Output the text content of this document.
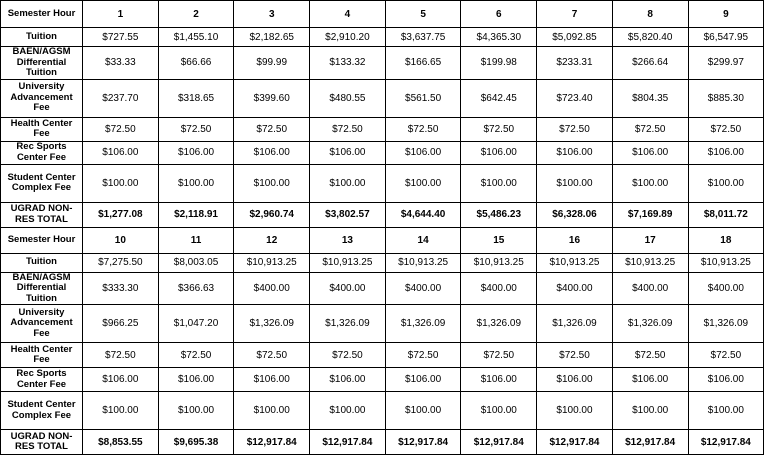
Semester Hour	1	2	3	4	5	6	7	8	9
Tuition	$727.55	$1,455.10	$2,182.65	$2,910.20	$3,637.75	$4,365.30	$5,092.85	$5,820.40	$6,547.95
BAEN/AGSM Differential Tuition	$33.33	$66.66	$99.99	$133.32	$166.65	$199.98	$233.31	$266.64	$299.97
University Advancement Fee	$237.70	$318.65	$399.60	$480.55	$561.50	$642.45	$723.40	$804.35	$885.30
Health Center Fee	$72.50	$72.50	$72.50	$72.50	$72.50	$72.50	$72.50	$72.50	$72.50
Rec Sports Center Fee	$106.00	$106.00	$106.00	$106.00	$106.00	$106.00	$106.00	$106.00	$106.00
Student Center Complex Fee	$100.00	$100.00	$100.00	$100.00	$100.00	$100.00	$100.00	$100.00	$100.00
UGRAD NON-RES TOTAL	$1,277.08	$2,118.91	$2,960.74	$3,802.57	$4,644.40	$5,486.23	$6,328.06	$7,169.89	$8,011.72
Semester Hour	10	11	12	13	14	15	16	17	18
Tuition	$7,275.50	$8,003.05	$10,913.25	$10,913.25	$10,913.25	$10,913.25	$10,913.25	$10,913.25	$10,913.25
BAEN/AGSM Differential Tuition	$333.30	$366.63	$400.00	$400.00	$400.00	$400.00	$400.00	$400.00	$400.00
University Advancement Fee	$966.25	$1,047.20	$1,326.09	$1,326.09	$1,326.09	$1,326.09	$1,326.09	$1,326.09	$1,326.09
Health Center Fee	$72.50	$72.50	$72.50	$72.50	$72.50	$72.50	$72.50	$72.50	$72.50
Rec Sports Center Fee	$106.00	$106.00	$106.00	$106.00	$106.00	$106.00	$106.00	$106.00	$106.00
Student Center Complex Fee	$100.00	$100.00	$100.00	$100.00	$100.00	$100.00	$100.00	$100.00	$100.00
UGRAD NON-RES TOTAL	$8,853.55	$9,695.38	$12,917.84	$12,917.84	$12,917.84	$12,917.84	$12,917.84	$12,917.84	$12,917.84
